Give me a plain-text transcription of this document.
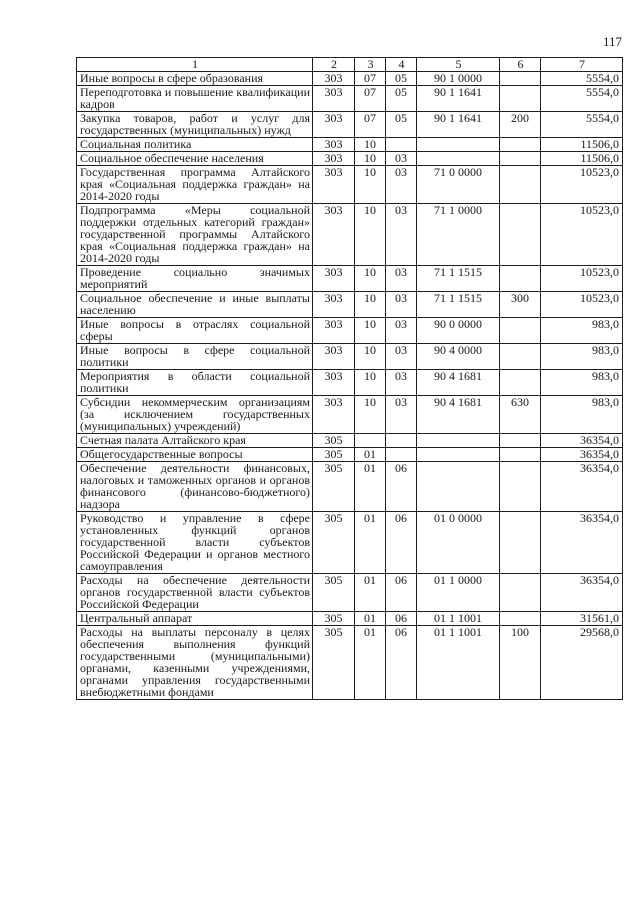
117
1	2	3	4	5	6	7
Иные вопросы в сфере образования	303	07	05	90 1 0000		5554,0
Переподготовка и повышение квалификации кадров	303	07	05	90 1 1641		5554,0
Закупка товаров, работ и услуг для государственных (муниципальных) нужд	303	07	05	90 1 1641	200	5554,0
Социальная политика	303	10				11506,0
Социальное обеспечение населения	303	10	03			11506,0
Государственная программа Алтайского края «Социальная поддержка граждан» на 2014-2020 годы	303	10	03	71 0 0000		10523,0
Подпрограмма «Меры социальной поддержки отдельных категорий граждан» государственной программы Алтайского края «Социальная поддержка граждан» на 2014-2020 годы	303	10	03	71 1 0000		10523,0
Проведение социально значимых мероприятий	303	10	03	71 1 1515		10523,0
Социальное обеспечение и иные выплаты населению	303	10	03	71 1 1515	300	10523,0
Иные вопросы в отраслях социальной сферы	303	10	03	90 0 0000		983,0
Иные вопросы в сфере социальной политики	303	10	03	90 4 0000		983,0
Мероприятия в области социальной политики	303	10	03	90 4 1681		983,0
Субсидии некоммерческим организациям (за исключением государственных (муниципальных) учреждений)	303	10	03	90 4 1681	630	983,0
Счетная палата Алтайского края	305					36354,0
Общегосударственные вопросы	305	01				36354,0
Обеспечение деятельности финансовых, налоговых и таможенных органов и органов финансового (финансово-бюджетного) надзора	305	01	06			36354,0
Руководство и управление в сфере установленных функций органов государственной власти субъектов Российской Федерации и органов местного самоуправления	305	01	06	01 0 0000		36354,0
Расходы на обеспечение деятельности органов государственной власти субъектов Российской Федерации	305	01	06	01 1 0000		36354,0
Центральный аппарат	305	01	06	01 1 1001		31561,0
Расходы на выплаты персоналу в целях обеспечения выполнения функций государственными (муниципальными) органами, казенными учреждениями, органами управления государственными внебюджетными фондами	305	01	06	01 1 1001	100	29568,0
